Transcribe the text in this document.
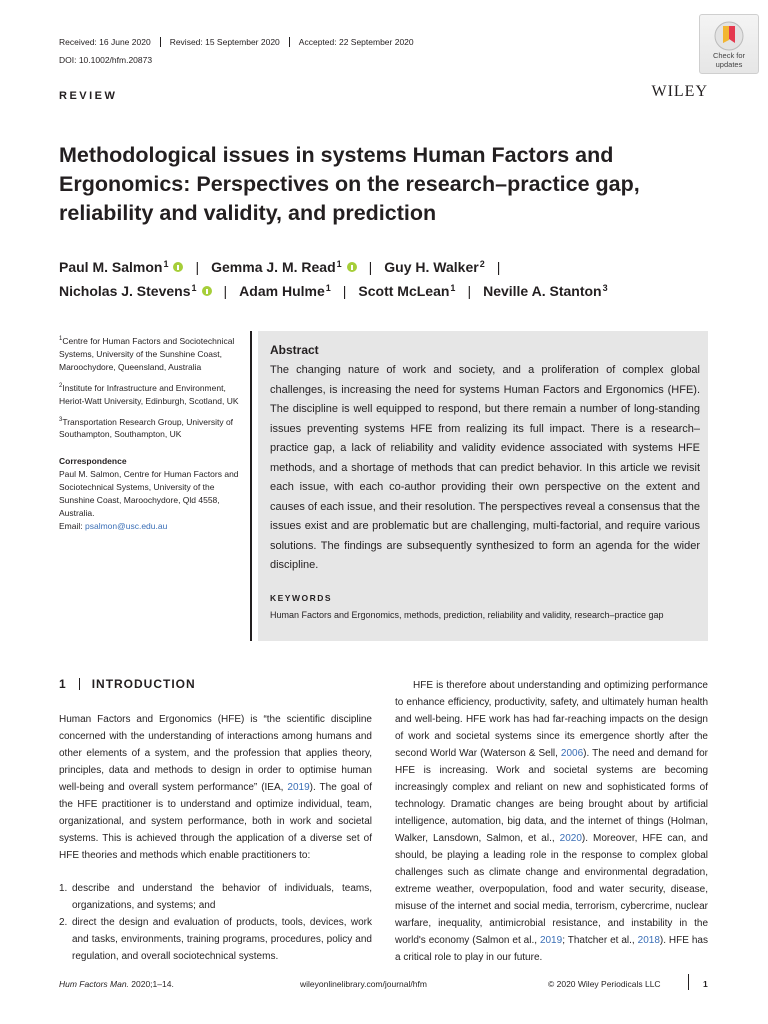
Received: 16 June 2020 Revised: 15 September 2020 Accepted: 22 September 2020
DOI: 10.1002/hfm.20873	Check for
updates
WILEY
REVIEW
Methodological issues in systems Human Factors and Ergonomics: Perspectives on the research–practice gap, reliability and validity, and prediction
Paul M. Salmon$^1$ | Gemma J. M. Read$^1$ | Guy H. Walker$^2$ |
Nicholas J. Stevens$^1$ | Adam Hulme$^1$ | Scott McLean$^1$ | Neville A. Stanton$^3$

$^1$Centre for Human Factors and Sociotechnical Systems, University of the Sunshine Coast, Maroochydore, Queensland, Australia

$^2$Institute for Infrastructure and Environment, Heriot-Watt University, Edinburgh, Scotland, UK

$^3$Transportation Research Group, University of Southampton, Southampton, UK

Correspondence

Paul M. Salmon, Centre for Human Factors and Sociotechnical Systems, University of the Sunshine Coast, Maroochydore, Qld 4558, Australia.

Email: psalmon@usc.edu.au

Abstract
The changing nature of work and society, and a proliferation of complex global challenges, is increasing the need for systems Human Factors and Ergonomics (HFE). The discipline is well equipped to respond, but there remain a number of long-standing issues preventing systems HFE from realizing its full impact. There is a research–practice gap, a lack of reliability and validity evidence associated with systems HFE methods, and a shortage of methods that can predict behavior. In this article we revisit each issue, with each co-author providing their own perspective on the extent and causes of each issue, and their resolution. The perspectives reveal a consensus that the issues exist and are problematic but are challenging, multi-factorial, and require various solutions. The findings are subsequently synthesized to form an agenda for the wider discipline.
KEYWORDS
Human Factors and Ergonomics, methods, prediction, reliability and validity, research–practice gap
1 INTRODUCTION

Human Factors and Ergonomics (HFE) is “the scientific discipline concerned with the understanding of interactions among humans and other elements of a system, and the profession that applies theory, principles, data and methods to design in order to optimise human well-being and overall system performance” (IEA, 2019). The goal of the HFE practitioner is to understand and optimize individual, team, organizational, and system performance, both in work and societal systems. This is achieved through the application of a diverse set of HFE theories and methods which enable practitioners to:

1. describe and understand the behavior of individuals, teams, organizations, and systems; and
2. direct the design and evaluation of products, tools, devices, work and tasks, environments, training programs, procedures, policy and regulation, and overall sociotechnical systems.

HFE is therefore about understanding and optimizing performance to enhance efficiency, productivity, safety, and ultimately human health and well-being. HFE work has had far-reaching impacts on the design of work and societal systems since its emergence shortly after the second World War (Waterson & Sell, 2006). The need and demand for HFE is increasing. Work and societal systems are becoming increasingly complex and reliant on new and sophisticated forms of technology. Dramatic changes are being brought about by artificial intelligence, automation, big data, and the internet of things (Holman, Walker, Lansdown, Salmon, et al., 2020). Moreover, HFE can, and should, be playing a leading role in the response to complex global challenges such as climate change and environmental degradation, extreme weather, overpopulation, food and water security, disease, misuse of the internet and social media, terrorism, cybercrime, nuclear warfare, inequality, antimicrobial resistance, and instability in the world's economy (Salmon et al., 2019; Thatcher et al., 2018). HFE has a critical role to play in our future.

Hum Factors Man. 2020;1–14.	wileyonlinelibrary.com/journal/hfm	© 2020 Wiley Periodicals LLC	1
